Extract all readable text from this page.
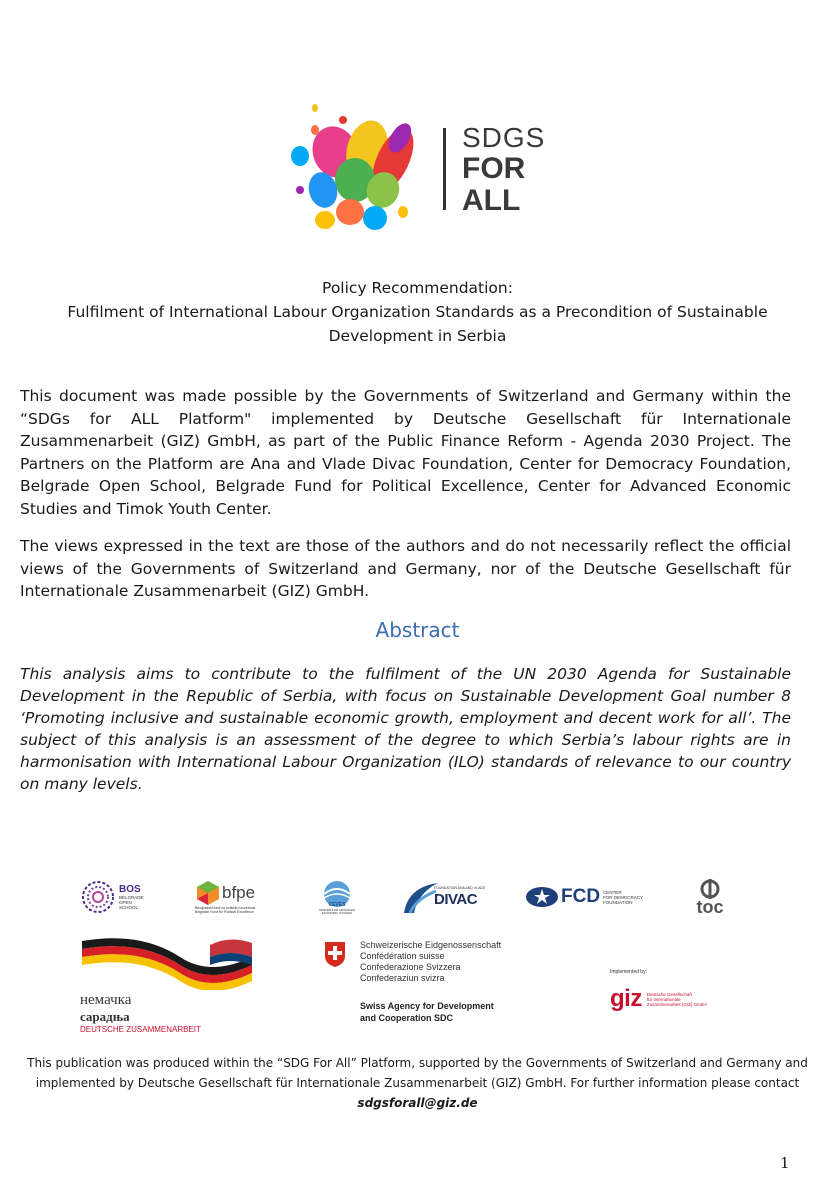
SDGS
FOR
ALL
Policy Recommendation:
Fulfilment of International Labour Organization Standards as a Precondition of Sustainable
Development in Serbia
This document was made possible by the Governments of Switzerland and Germany within the “SDGs for ALL Platform" implemented by Deutsche Gesellschaft für Internationale Zusammenarbeit (GIZ) GmbH, as part of the Public Finance Reform - Agenda 2030 Project. The Partners on the Platform are Ana and Vlade Divac Foundation, Center for Democracy Foundation, Belgrade Open School, Belgrade Fund for Political Excellence, Center for Advanced Economic Studies and Timok Youth Center.
The views expressed in the text are those of the authors and do not necessarily reflect the official views of the Governments of Switzerland and Germany, nor of the Deutsche Gesellschaft für Internationale Zusammenarbeit (GIZ) GmbH.
Abstract
This analysis aims to contribute to the fulfilment of the UN 2030 Agenda for Sustainable Development in the Republic of Serbia, with focus on Sustainable Development Goal number 8 ‘Promoting inclusive and sustainable economic growth, employment and decent work for all’. The subject of this analysis is an assessment of the degree to which Serbia’s labour rights are in harmonisation with International Labour Organization (ILO) standards of relevance to our country on many levels.
BOS
BELGRADE
OPEN
SCHOOL
bfpe
Beogradski fond za političku izuzetnost
Belgrade Fund for Political Excellence
CEVES
CENTER FOR ADVANCED
ECONOMIC STUDIES
FOUNDATION ANA AND VLADE
DIVAC	FCD CENTER
FOR DEMOCRACY
FOUNDATION	toc
немачка
сарадња
DEUTSCHE ZUSAMMENARBEIT
Schweizerische Eidgenossenschaft
Confédération suisse
Confederazione Svizzera
Confederaziun svizra
Swiss Agency for Development
and Cooperation SDC
Implemented by:
giz Deutsche Gesellschaft
für Internationale
Zusammenarbeit (GIZ) GmbH
This publication was produced within the “SDG For All” Platform, supported by the Governments of Switzerland and Germany and implemented by Deutsche Gesellschaft für Internationale Zusammenarbeit (GIZ) GmbH. For further information please contact
sdgsforall@giz.de
1
